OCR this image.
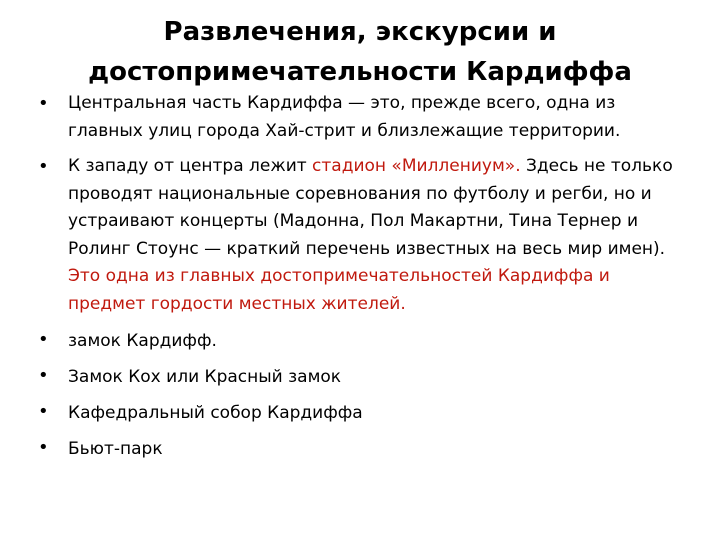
Развлечения, экскурсии и
достопримечательности Кардиффа
• Центральная часть Кардиффа — это, прежде всего, одна из главных улиц города Хай-стрит и близлежащие территории.
• К западу от центра лежит стадион «Миллениум». Здесь не только проводят национальные соревнования по футболу и регби, но и устраивают концерты (Мадонна, Пол Макартни, Тина Тернер и Ролинг Стоунс — краткий перечень известных на весь мир имен). Это одна из главных достопримечательностей Кардиффа и предмет гордости местных жителей.
• замок Кардифф.
• Замок Кох или Красный замок
• Кафедральный собор Кардиффа
• Бьют-парк
